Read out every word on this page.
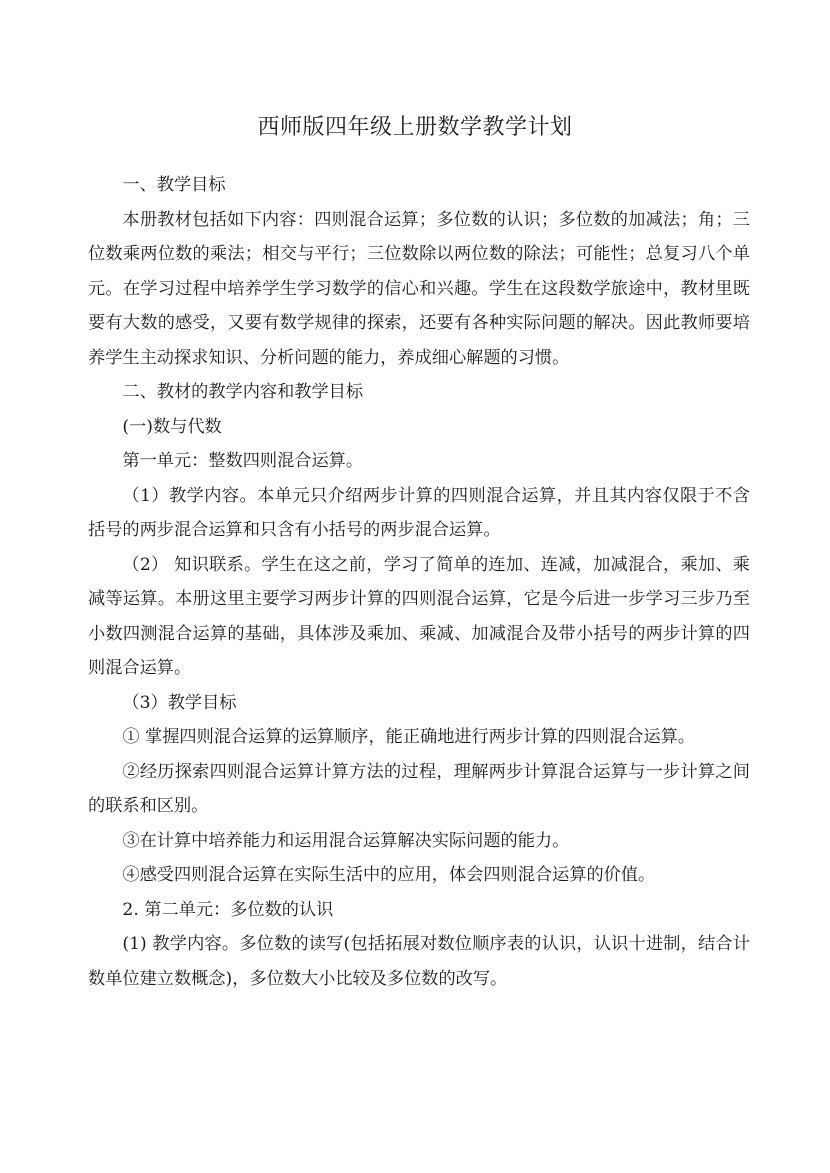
西师版四年级上册数学教学计划

一、教学目标

本册教材包括如下内容：四则混合运算；多位数的认识；多位数的加减法；角；三位数乘两位数的乘法；相交与平行；三位数除以两位数的除法；可能性；总复习八个单元。在学习过程中培养学生学习数学的信心和兴趣。学生在这段数学旅途中，教材里既要有大数的感受，又要有数学规律的探索，还要有各种实际问题的解决。因此教师要培养学生主动探求知识、分析问题的能力，养成细心解题的习惯。

二、教材的教学内容和教学目标

(一)数与代数

第一单元：整数四则混合运算。

（1）教学内容。本单元只介绍两步计算的四则混合运算，并且其内容仅限于不含括号的两步混合运算和只含有小括号的两步混合运算。

（2） 知识联系。学生在这之前，学习了简单的连加、连减，加减混合，乘加、乘减等运算。本册这里主要学习两步计算的四则混合运算，它是今后进一步学习三步乃至小数四测混合运算的基础，具体涉及乘加、乘减、加减混合及带小括号的两步计算的四则混合运算。

（3）教学目标

① 掌握四则混合运算的运算顺序，能正确地进行两步计算的四则混合运算。

②经历探索四则混合运算计算方法的过程，理解两步计算混合运算与一步计算之间的联系和区别。

③在计算中培养能力和运用混合运算解决实际问题的能力。

④感受四则混合运算在实际生活中的应用，体会四则混合运算的价值。

2. 第二单元：多位数的认识

(1) 教学内容。多位数的读写(包括拓展对数位顺序表的认识，认识十进制，结合计数单位建立数概念)，多位数大小比较及多位数的改写。
